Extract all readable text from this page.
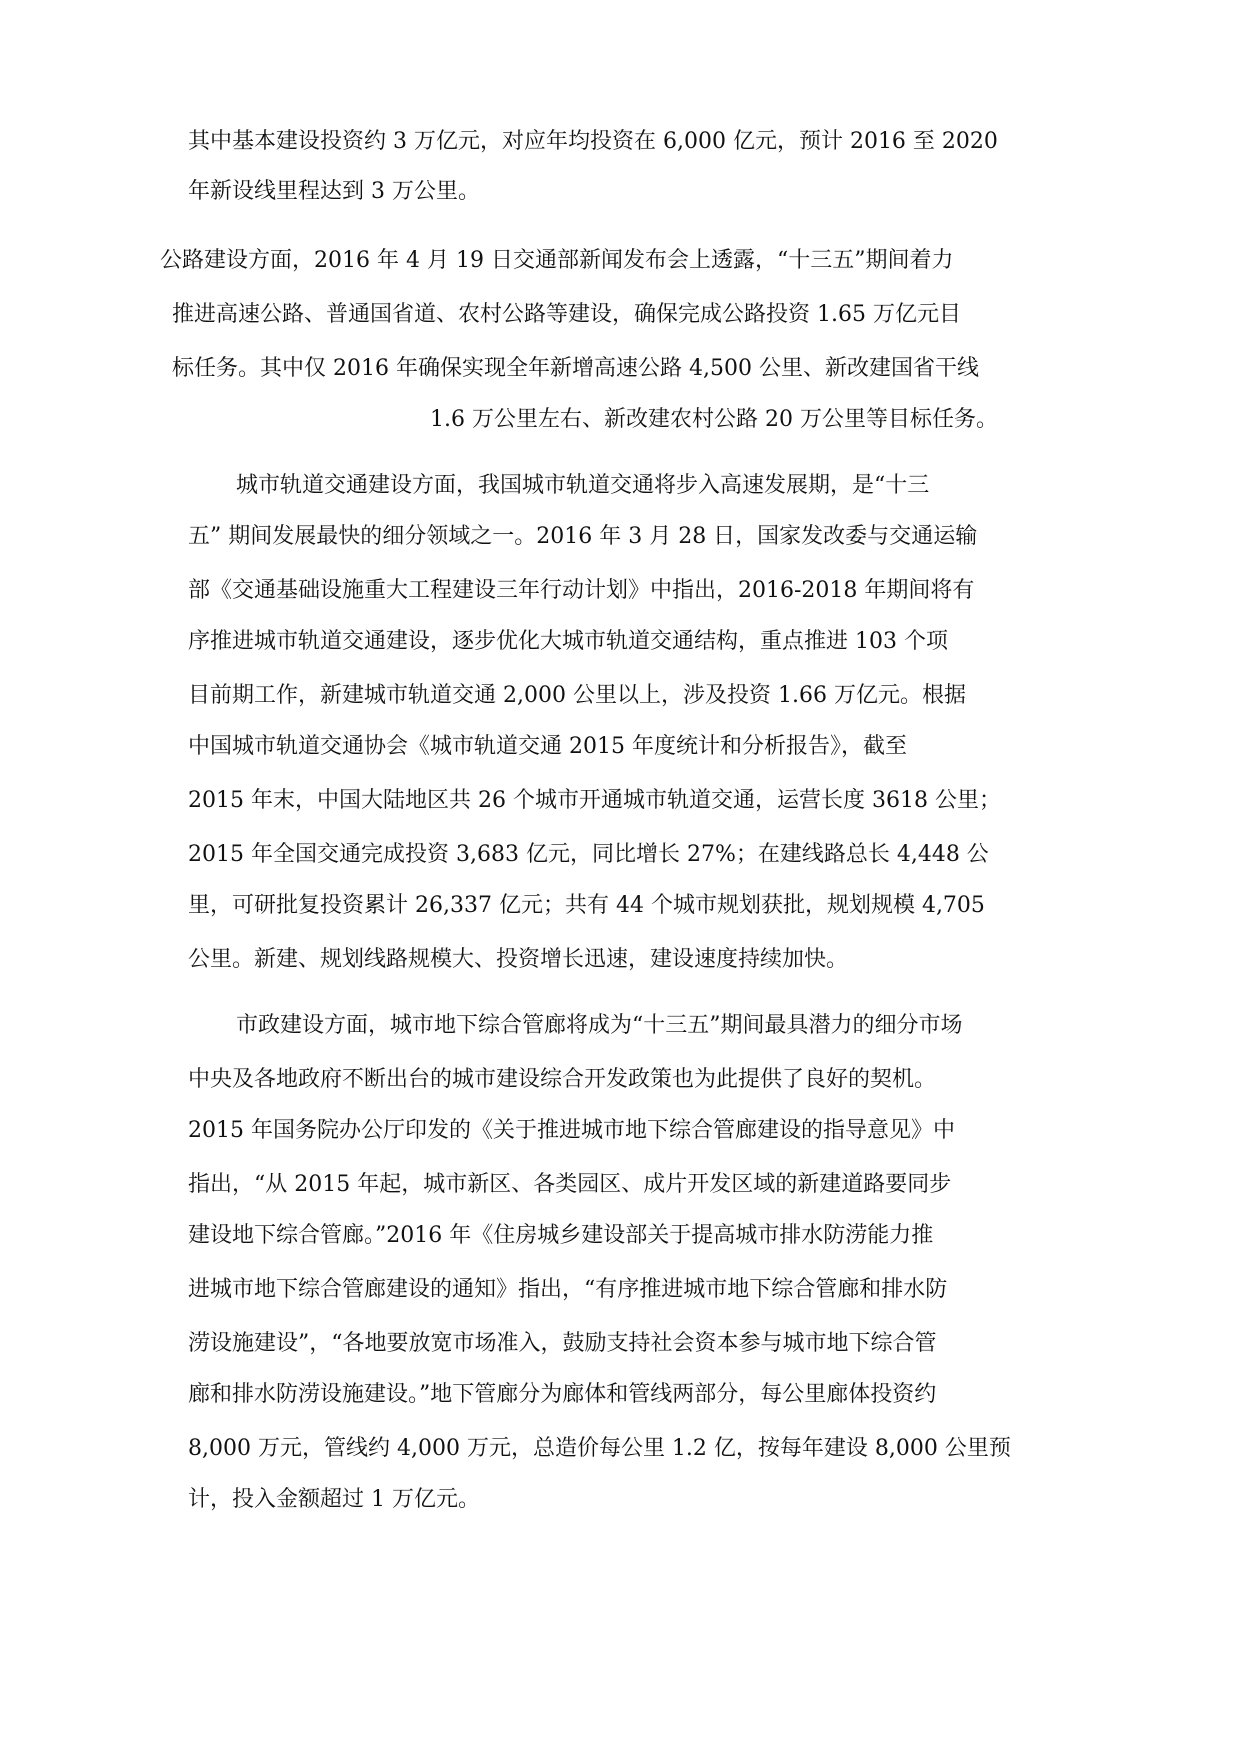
其中基本建设投资约 3 万亿元，对应年均投资在 6,000 亿元，预计 2016 至 2020

年新设线里程达到 3 万公里。

公路建设方面，2016 年 4 月 19 日交通部新闻发布会上透露，“十三五”期间着力

推进高速公路、普通国省道、农村公路等建设，确保完成公路投资 1.65 万亿元目

标任务。其中仅 2016 年确保实现全年新增高速公路 4,500 公里、新改建国省干线

1.6 万公里左右、新改建农村公路 20 万公里等目标任务。

城市轨道交通建设方面，我国城市轨道交通将步入高速发展期，是“十三

五” 期间发展最快的细分领域之一。2016 年 3 月 28 日，国家发改委与交通运输

部《交通基础设施重大工程建设三年行动计划》中指出，2016-2018 年期间将有

序推进城市轨道交通建设，逐步优化大城市轨道交通结构，重点推进 103 个项

目前期工作，新建城市轨道交通 2,000 公里以上，涉及投资 1.66 万亿元。根据

中国城市轨道交通协会《城市轨道交通 2015 年度统计和分析报告》，截至

2015 年末，中国大陆地区共 26 个城市开通城市轨道交通，运营长度 3618 公里；

2015 年全国交通完成投资 3,683 亿元，同比增长 27%；在建线路总长 4,448 公

里，可研批复投资累计 26,337 亿元；共有 44 个城市规划获批，规划规模 4,705

公里。新建、规划线路规模大、投资增长迅速，建设速度持续加快。

市政建设方面，城市地下综合管廊将成为“十三五”期间最具潜力的细分市场

中央及各地政府不断出台的城市建设综合开发政策也为此提供了良好的契机。

2015 年国务院办公厅印发的《关于推进城市地下综合管廊建设的指导意见》中

指出，“从 2015 年起，城市新区、各类园区、成片开发区域的新建道路要同步

建设地下综合管廊。”2016 年《住房城乡建设部关于提高城市排水防涝能力推

进城市地下综合管廊建设的通知》指出，“有序推进城市地下综合管廊和排水防

涝设施建设”，“各地要放宽市场准入，鼓励支持社会资本参与城市地下综合管

廊和排水防涝设施建设。”地下管廊分为廊体和管线两部分，每公里廊体投资约

8,000 万元，管线约 4,000 万元，总造价每公里 1.2 亿，按每年建设 8,000 公里预

计，投入金额超过 1 万亿元。
